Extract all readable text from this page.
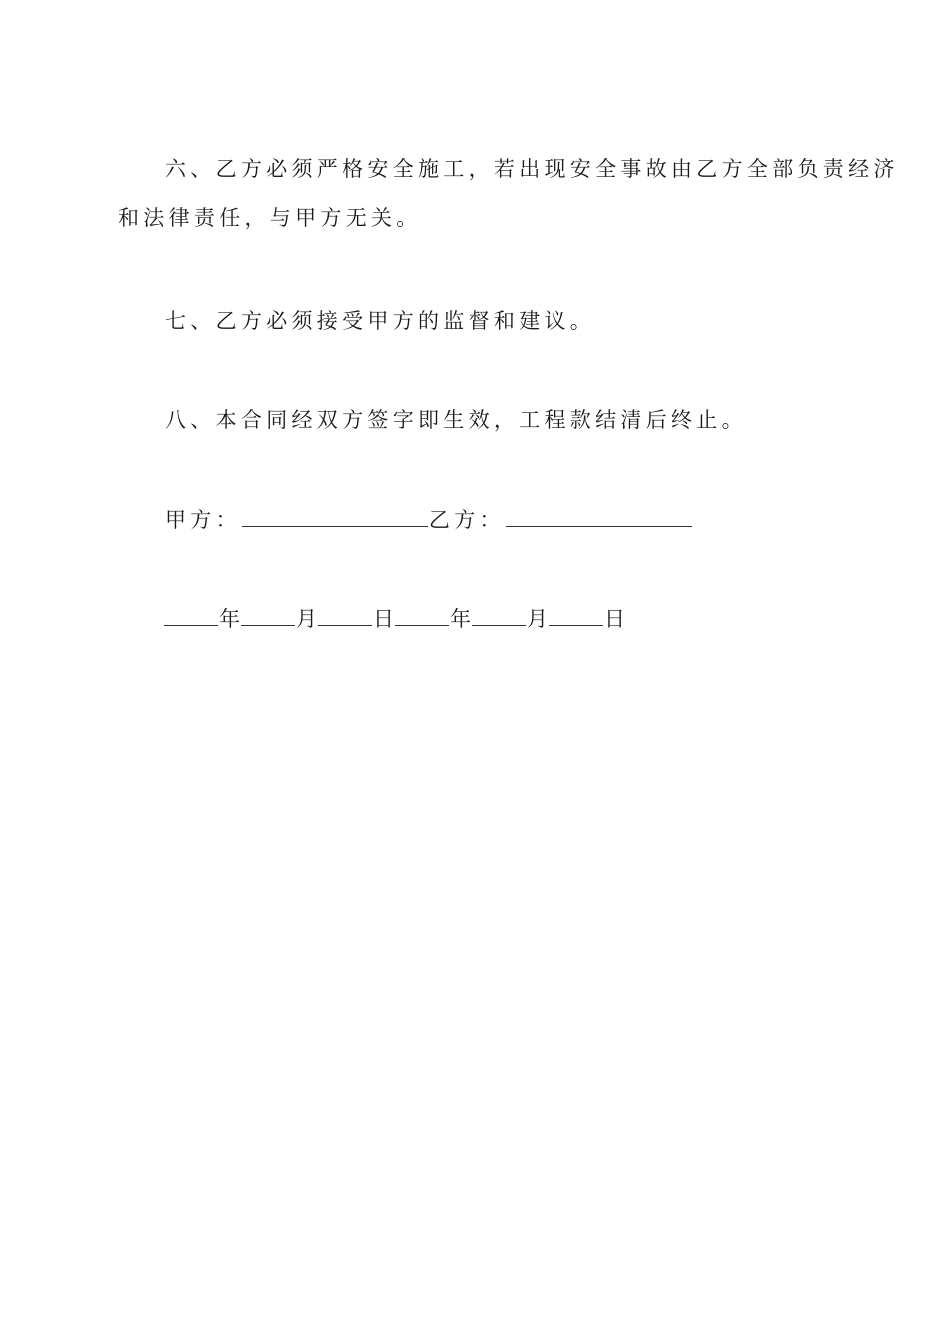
六、乙方必须严格安全施工，若出现安全事故由乙方全部负责经济
和法律责任，与甲方无关。
七、乙方必须接受甲方的监督和建议。
八、本合同经双方签字即生效，工程款结清后终止。
甲方：	乙方：
年	月	日	年	月	日
